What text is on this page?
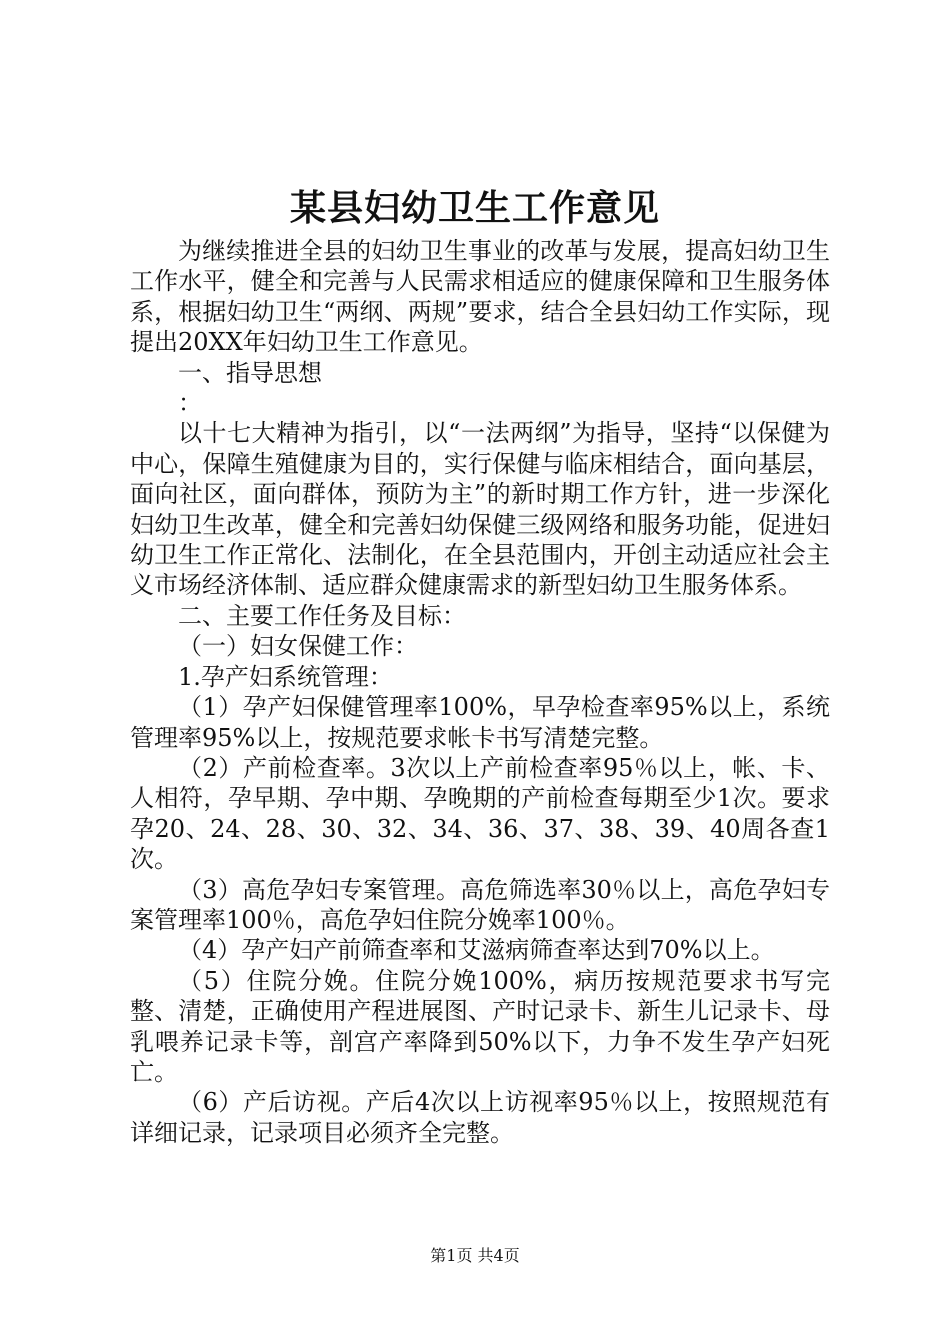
某县妇幼卫生工作意见

为继续推进全县的妇幼卫生事业的改革与发展，提高妇幼卫生工作水平，健全和完善与人民需求相适应的健康保障和卫生服务体系，根据妇幼卫生“两纲、两规”要求，结合全县妇幼工作实际，现提出20XX年妇幼卫生工作意见。

一、指导思想

：

以十七大精神为指引，以“一法两纲”为指导，坚持“以保健为中心，保障生殖健康为目的，实行保健与临床相结合，面向基层，面向社区，面向群体，预防为主”的新时期工作方针，进一步深化妇幼卫生改革，健全和完善妇幼保健三级网络和服务功能，促进妇幼卫生工作正常化、法制化，在全县范围内，开创主动适应社会主义市场经济体制、适应群众健康需求的新型妇幼卫生服务体系。

二、主要工作任务及目标：

（一）妇女保健工作：

1.孕产妇系统管理：

（1）孕产妇保健管理率100%，早孕检查率95%以上，系统管理率95%以上，按规范要求帐卡书写清楚完整。

（2）产前检查率。3次以上产前检查率95％以上，帐、卡、人相符，孕早期、孕中期、孕晚期的产前检查每期至少1次。要求孕20、24、28、30、32、34、36、37、38、39、40周各查1次。

（3）高危孕妇专案管理。高危筛选率30％以上，高危孕妇专案管理率100％，高危孕妇住院分娩率100％。

（4）孕产妇产前筛查率和艾滋病筛查率达到70%以上。

（5）住院分娩。住院分娩100%，病历按规范要求书写完整、清楚，正确使用产程进展图、产时记录卡、新生儿记录卡、母乳喂养记录卡等，剖宫产率降到50%以下，力争不发生孕产妇死亡。

（6）产后访视。产后4次以上访视率95％以上，按照规范有详细记录，记录项目必须齐全完整。

第1页 共4页
